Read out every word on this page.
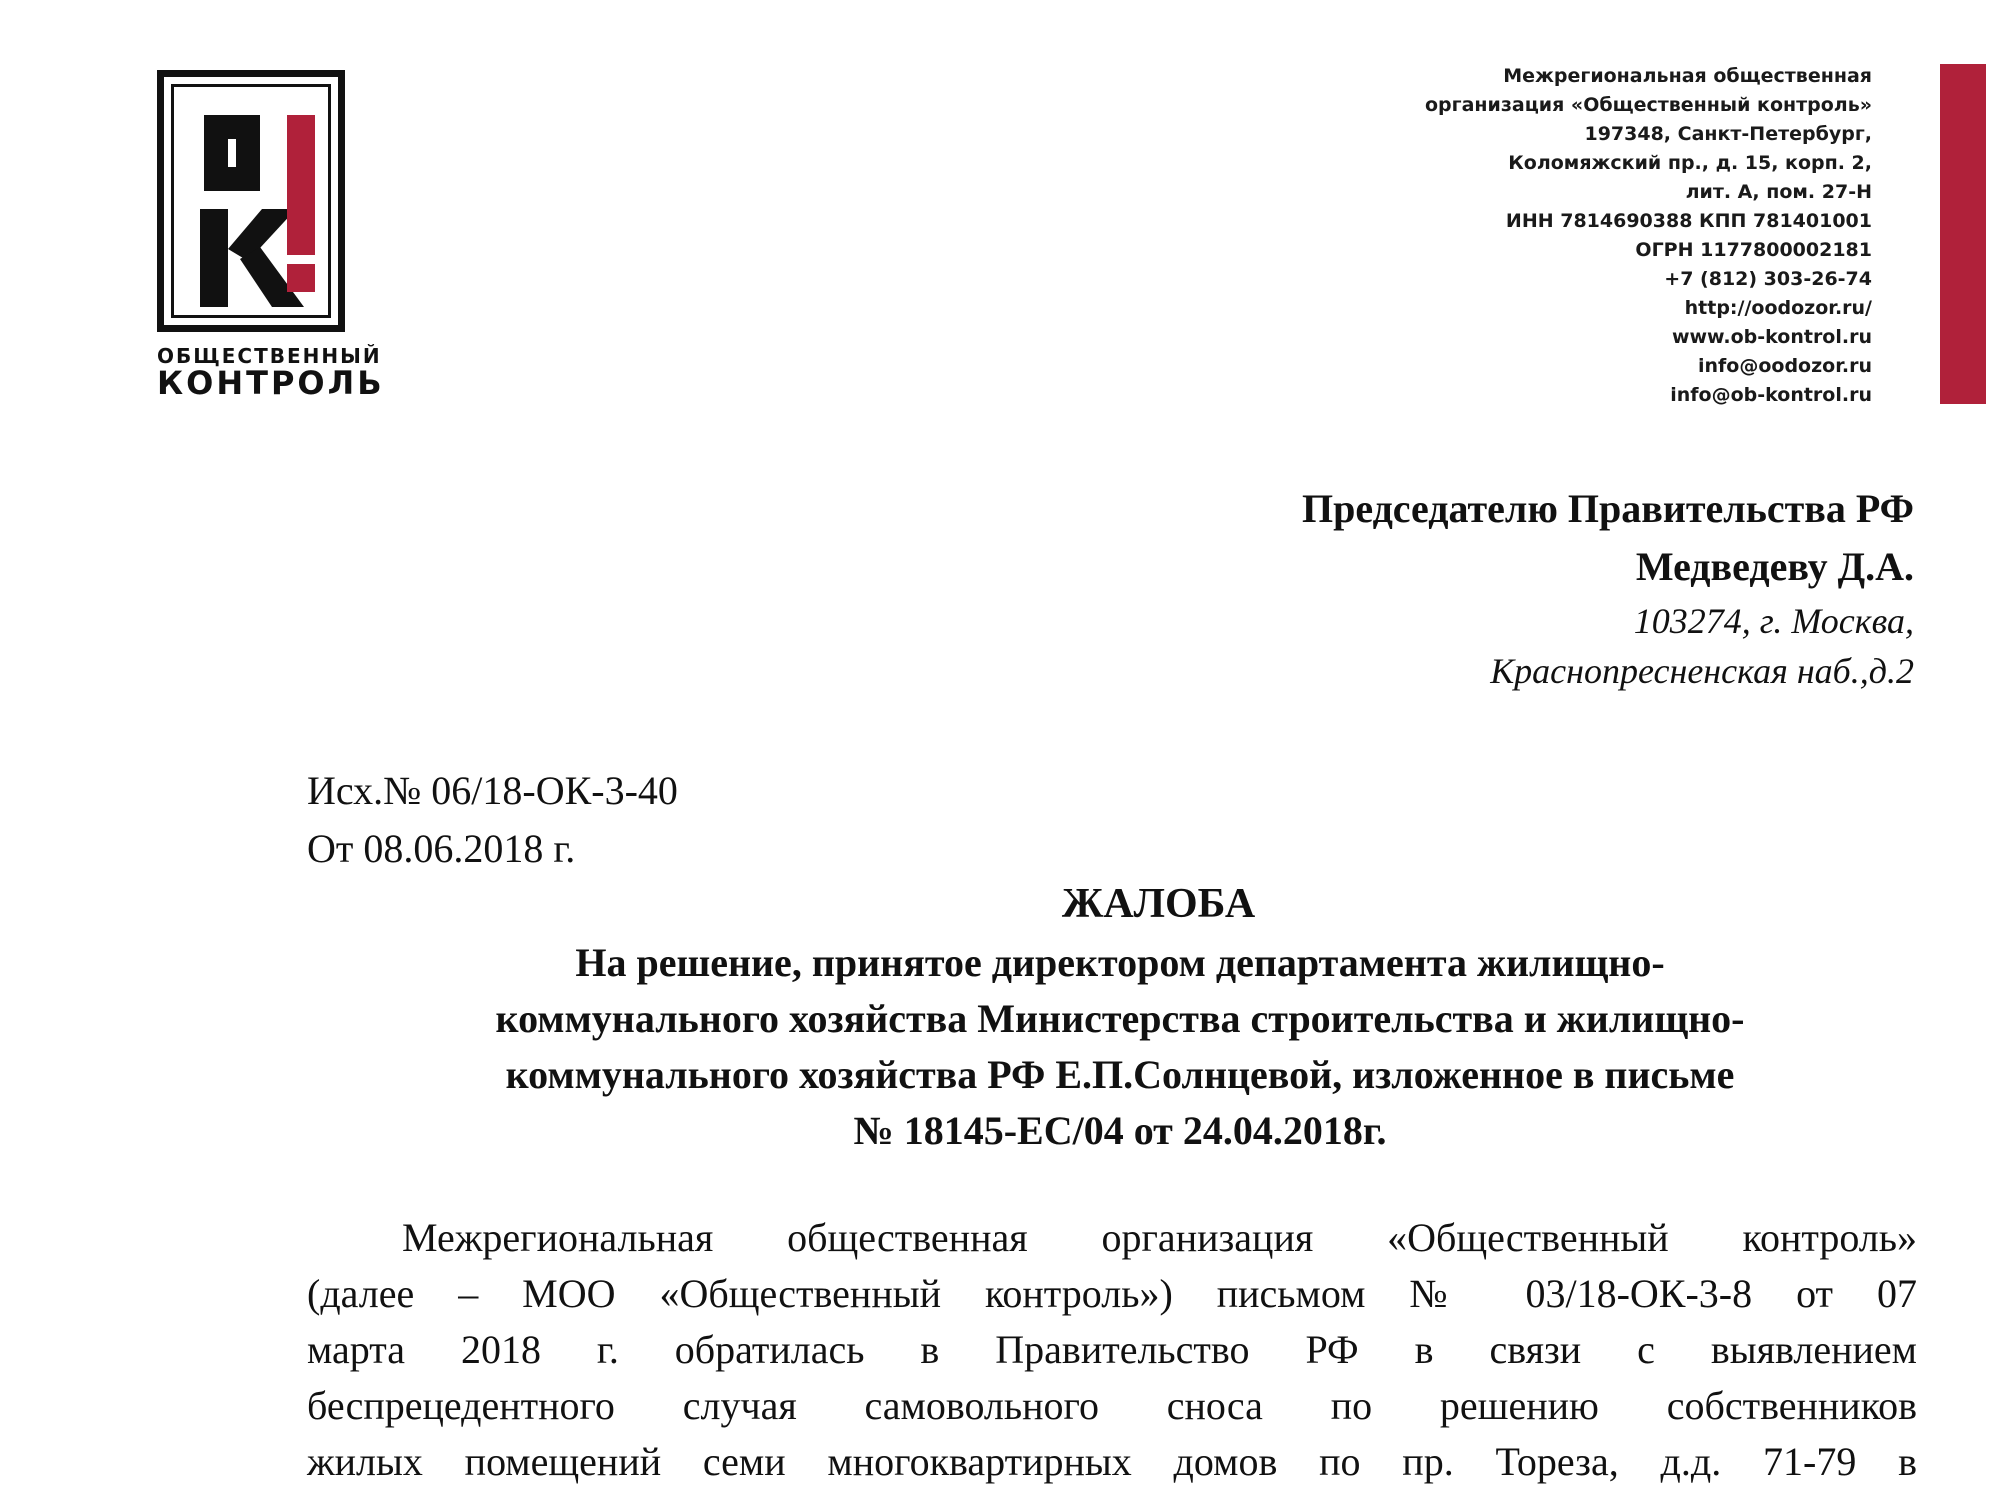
ОБЩЕСТВЕННЫЙ
КОНТРОЛЬ
Межрегиональная общественная
организация «Общественный контроль»
197348, Санкт-Петербург,
Коломяжский пр., д. 15, корп. 2,
лит. А, пом. 27-Н
ИНН 7814690388 КПП 781401001
ОГРН 1177800002181
+7 (812) 303-26-74
http://oodozor.ru/
www.ob-kontrol.ru
info@oodozor.ru
info@ob-kontrol.ru
Председателю Правительства РФ
Медведеву Д.А.
103274, г. Москва,
Краснопресненская наб.,д.2
Исх.№ 06/18-ОК-3-40
От 08.06.2018 г.
ЖАЛОБА
На решение, принятое директором департамента жилищно-
коммунального хозяйства Министерства строительства и жилищно-
коммунального хозяйства РФ Е.П.Солнцевой, изложенное в письме
№ 18145-ЕС/04 от 24.04.2018г.
Межрегиональная общественная организация «Общественный контроль»
(далее – МОО «Общественный контроль») письмом № 03/18-ОК-3-8 от 07
марта 2018 г. обратилась в Правительство РФ в связи с выявлением
беспрецедентного случая самовольного сноса по решению собственников
жилых помещений семи многоквартирных домов по пр. Тореза, д.д. 71-79 в
